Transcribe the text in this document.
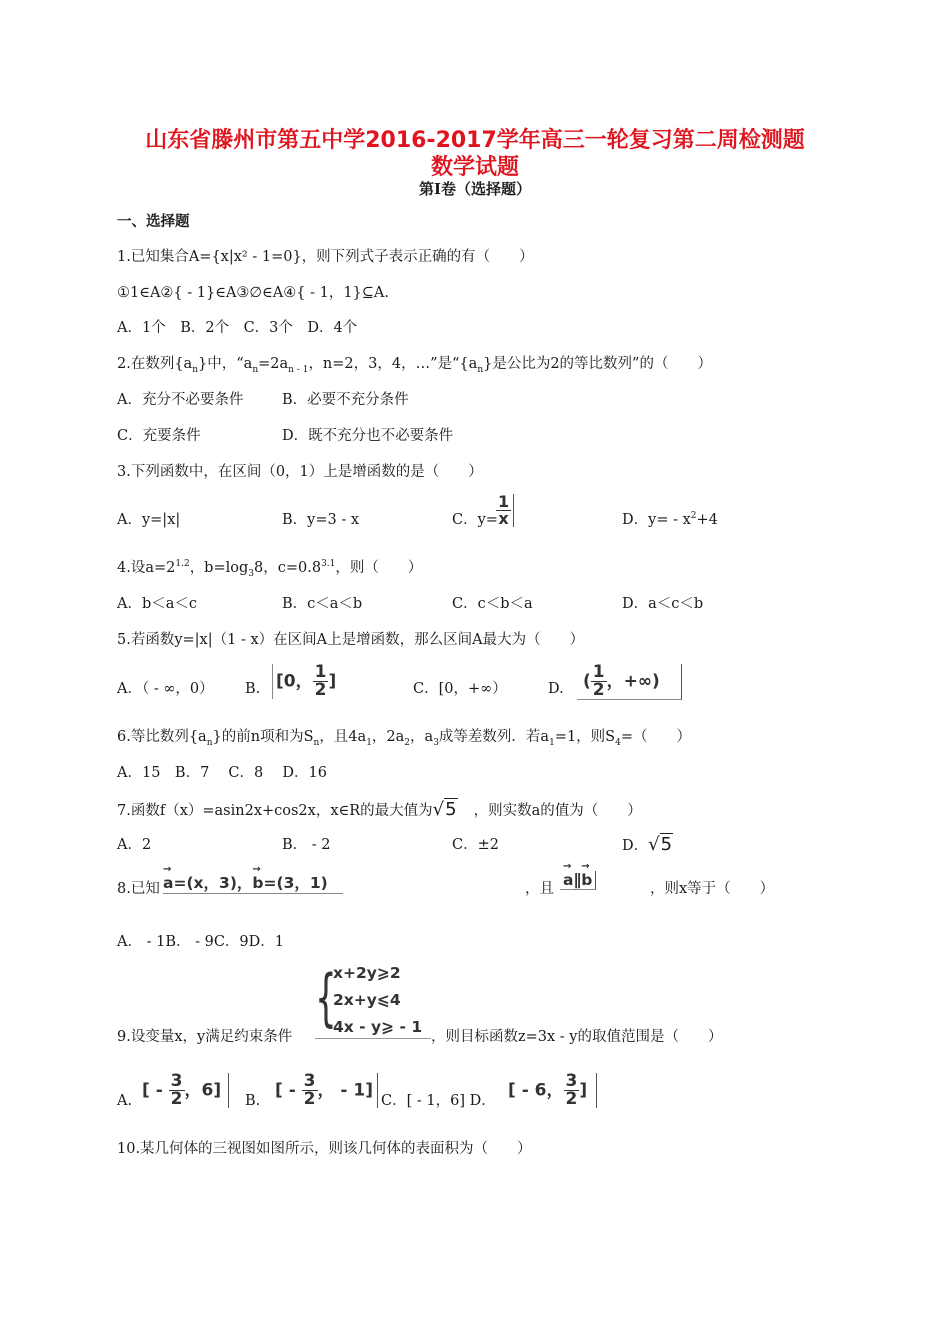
山东省滕州市第五中学2016-2017学年高三一轮复习第二周检测题
数学试题
第Ⅰ卷（选择题）
一、选择题
1.已知集合A={x|x² - 1=0}，则下列式子表示正确的有（　　）
①1∈A②{ - 1}∈A③∅∈A④{ - 1，1}⊆A.
A．1个　B．2个　C．3个　D．4个
2.在数列$\{a_n\}$中，“$a_n=2a_{n - 1}$，n=2，3，4，…”是“$\{a_n\}$是公比为2的等比数列”的（　　）
A．充分不必要条件	B．必要不充分条件
C．充要条件	D．既不充分也不必要条件
3.下列函数中，在区间（0，1）上是增函数的是（　　）
A．y=|x|	B．y=3 - x	C．y=
$\frac{1}{x}$	D．$y= - x^2+4$
4.设$a=2^{1.2}$，$b=\log_38$，$c=0.8^{3.1}$，则（　　）
A．b＜a＜c	B．c＜a＜b	C．c＜b＜a	D．a＜c＜b
5.若函数y=|x|（1 - x）在区间A上是增函数，那么区间A最大为（　　）
A．（ - ∞，0） B. [0， $\frac{1}{2}$ ]	C．[0，+∞）	D.	( $\frac{1}{2}$ ，+∞)
6.等比数列$\{a_n\}$的前n项和为$S_n$，且$4a_1$，$2a_2$，$a_3$成等差数列．若$a_1=1$，则$S_4=$（　　）
A．15　B．7　 C．8　 D．16
7.函数f（x）=asin2x+cos2x，x∈R的最大值为√5 ，则实数a的值为（　　）
A．2	B． - 2	C．±2	D．√5
8.已知 → a=(x，3)，→ b=(3，1)	，且 → a∥→ b	，则x等于（　　）
A． - 1B． - 9C．9D．1
{
x+2y⩾2
2x+y⩽4
4x - y⩾ - 1
9.设变量x，y满足约束条件	，则目标函数z=3x - y的取值范围是（　　）
A.
[ - $\frac{3}{2}$ ，6]
B.
[ - $\frac{3}{2}$ ， - 1]
C．[ - 1，6] D．
[ - 6， $\frac{3}{2}$ ]
10.某几何体的三视图如图所示，则该几何体的表面积为（　　）
